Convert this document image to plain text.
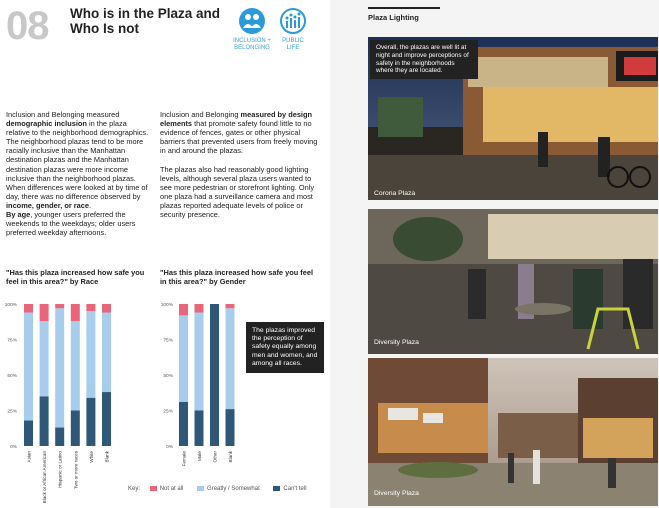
08 Who is in the Plaza and Who Is not
INCLUSION + BELONGING
PUBLIC LIFE
Inclusion and Belonging measured demographic inclusion in the plaza relative to the neighborhood demographics. The neighborhood plazas tend to be more racially inclusive than the Manhattan destination plazas and the Manhattan destination plazas were more income inclusive than the neighborhood plazas. When differences were looked at by time of day, there was no difference observed by income, gender, or race.
By age, younger users preferred the weekends to the weekdays; older users preferred weekday afternoons.
Inclusion and Belonging measured by design elements that promote safety found little to no evidence of fences, gates or other physical barriers that prevented users from freely moving in and around the plazas.

The plazas also had reasonably good lighting levels, although several plaza users wanted to see more pedestrian or storefront lighting. Only one plaza had a surveillance camera and most plazas reported adequate levels of police or security presence.
"Has this plaza increased how safe you feel in this area?" by Race
"Has this plaza increased how safe you feel in this area?" by Gender
0%
25%
50%
75%
100%
Asian Black or African American Hispanic or Latino Two or more races White Blank
0%
25%
50%
75%
100%
Female Male Other Blank
The plazas improved the perception of safety equally among men and women, and among all races.
Key:	Not at all	Greatly / Somewhat	Can't tell
Plaza Lighting
Overall, the plazas are well lit at night and improve perceptions of safety in the neighborhoods where they are located.
Corona Plaza
Diversity Plaza
Diversity Plaza
